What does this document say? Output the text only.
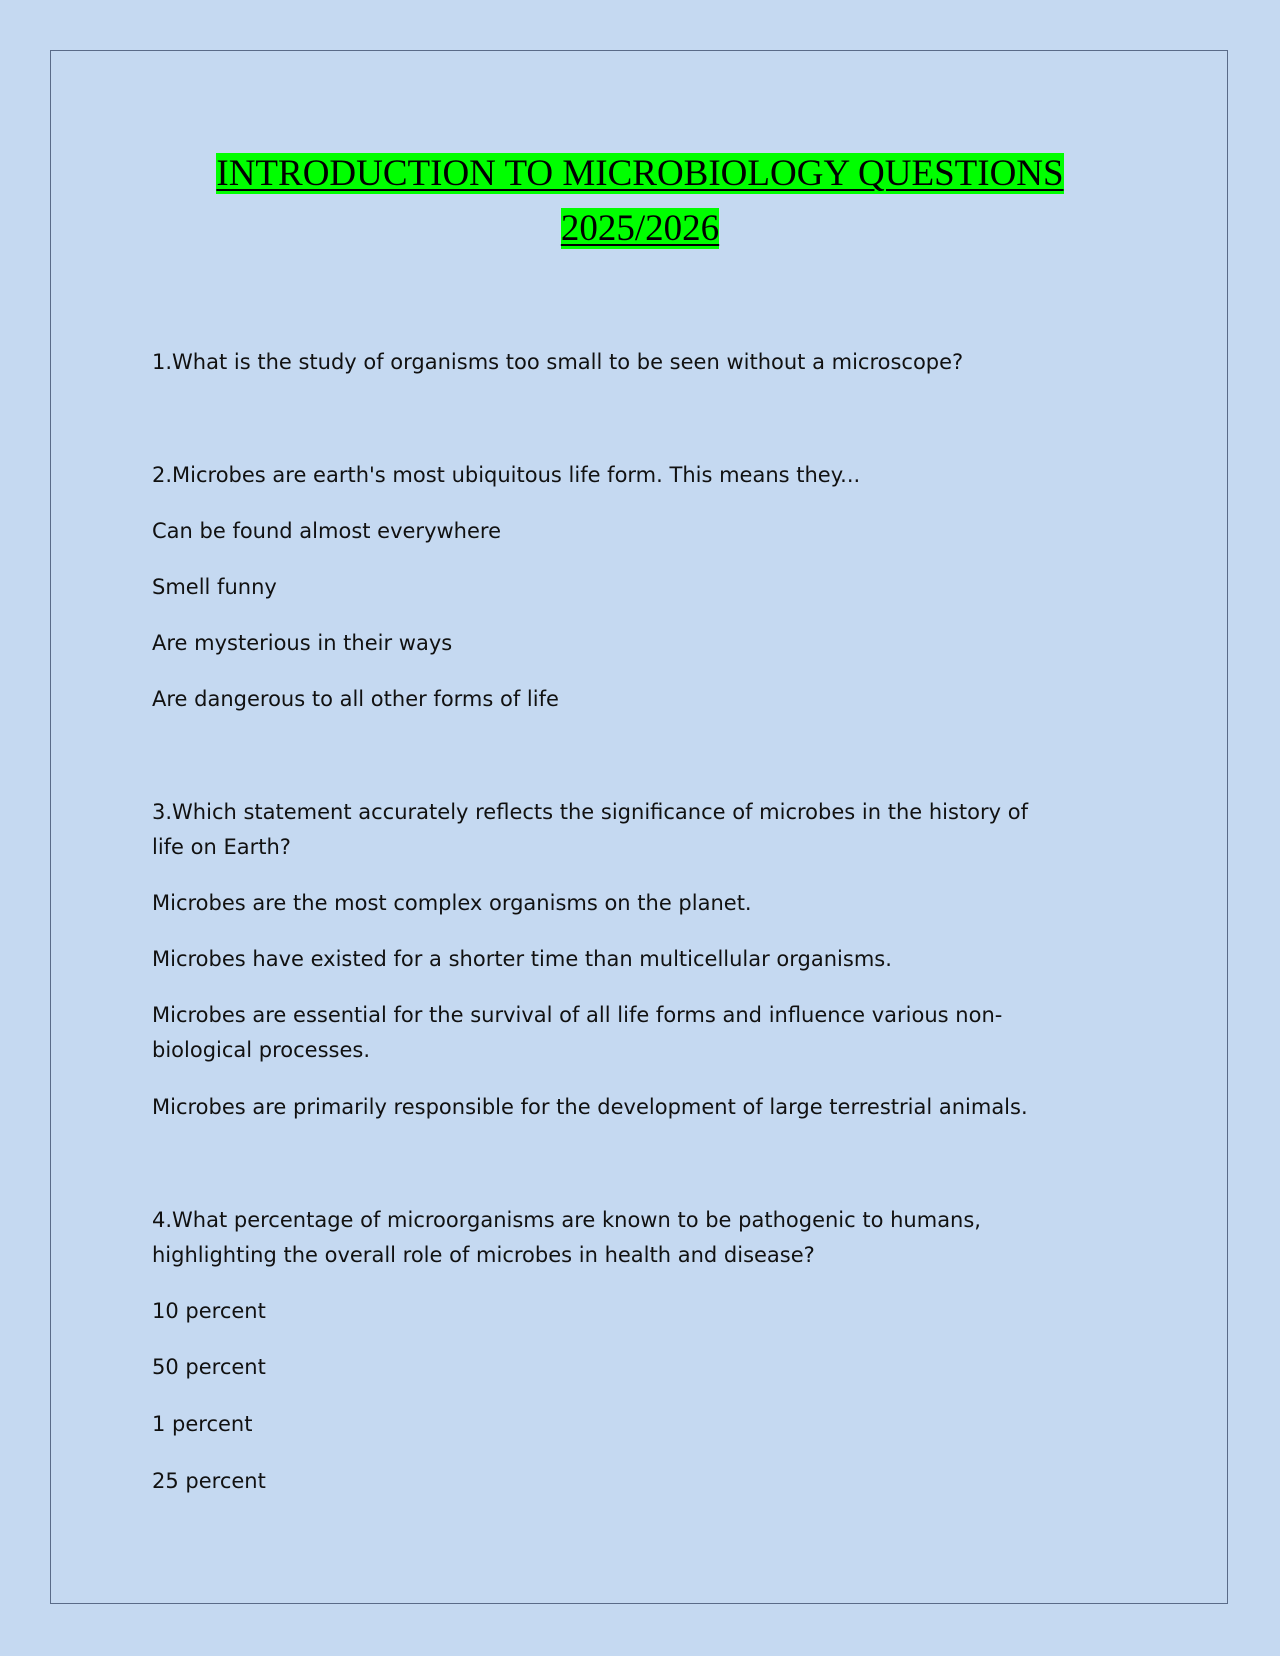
INTRODUCTION TO MICROBIOLOGY QUESTIONS
2025/2026
1.What is the study of organisms too small to be seen without a microscope?
2.Microbes are earth's most ubiquitous life form. This means they...
Can be found almost everywhere
Smell funny
Are mysterious in their ways
Are dangerous to all other forms of life
3.Which statement accurately reflects the significance of microbes in the history of
life on Earth?
Microbes are the most complex organisms on the planet.
Microbes have existed for a shorter time than multicellular organisms.
Microbes are essential for the survival of all life forms and influence various non-
biological processes.
Microbes are primarily responsible for the development of large terrestrial animals.
4.What percentage of microorganisms are known to be pathogenic to humans,
highlighting the overall role of microbes in health and disease?
10 percent
50 percent
1 percent
25 percent
